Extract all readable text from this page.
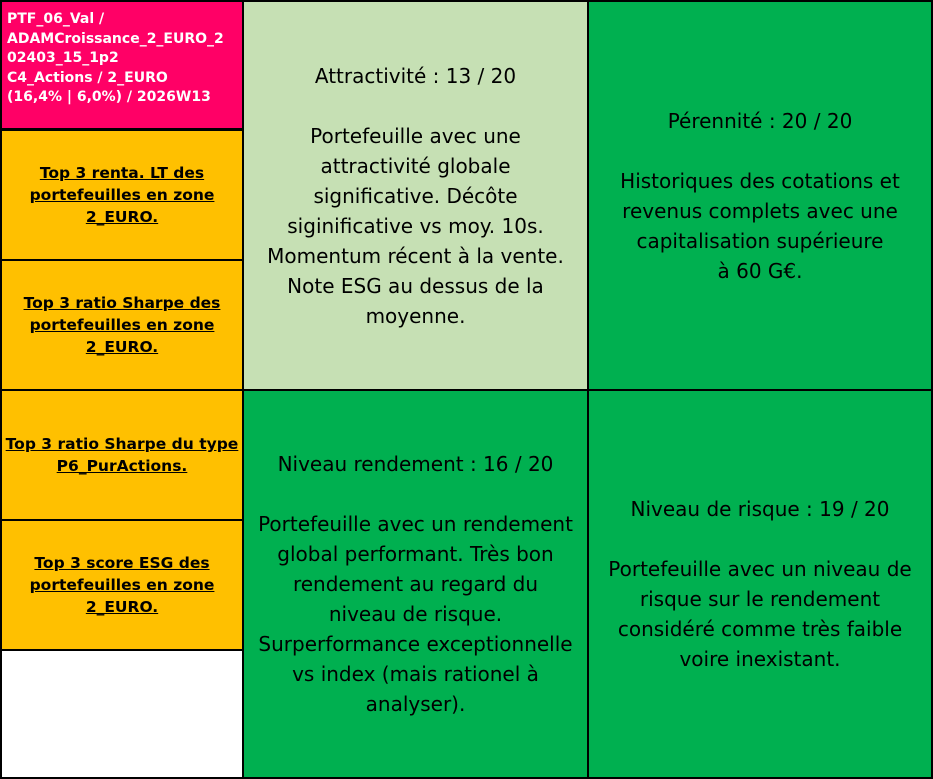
PTF_06_Val /
ADAMCroissance_2_EURO_2
02403_15_1p2
C4_Actions / 2_EURO
(16,4% | 6,0%) / 2026W13
Top 3 renta. LT des
portefeuilles en zone
2_EURO.
Top 3 ratio Sharpe des
portefeuilles en zone
2_EURO.
Top 3 ratio Sharpe du type
P6_PurActions.
Top 3 score ESG des
portefeuilles en zone
2_EURO.
Attractivité : 13 / 20
Portefeuille avec une
attractivité globale
significative. Décôte
siginificative vs moy. 10s.
Momentum récent à la vente.
Note ESG au dessus de la
moyenne.
Pérennité : 20 / 20
Historiques des cotations et
revenus complets avec une
capitalisation supérieure
à 60 G€.
Niveau rendement : 16 / 20
Portefeuille avec un rendement
global performant. Très bon
rendement au regard du
niveau de risque.
Surperformance exceptionnelle
vs index (mais rationel à
analyser).
Niveau de risque : 19 / 20
Portefeuille avec un niveau de
risque sur le rendement
considéré comme très faible
voire inexistant.
